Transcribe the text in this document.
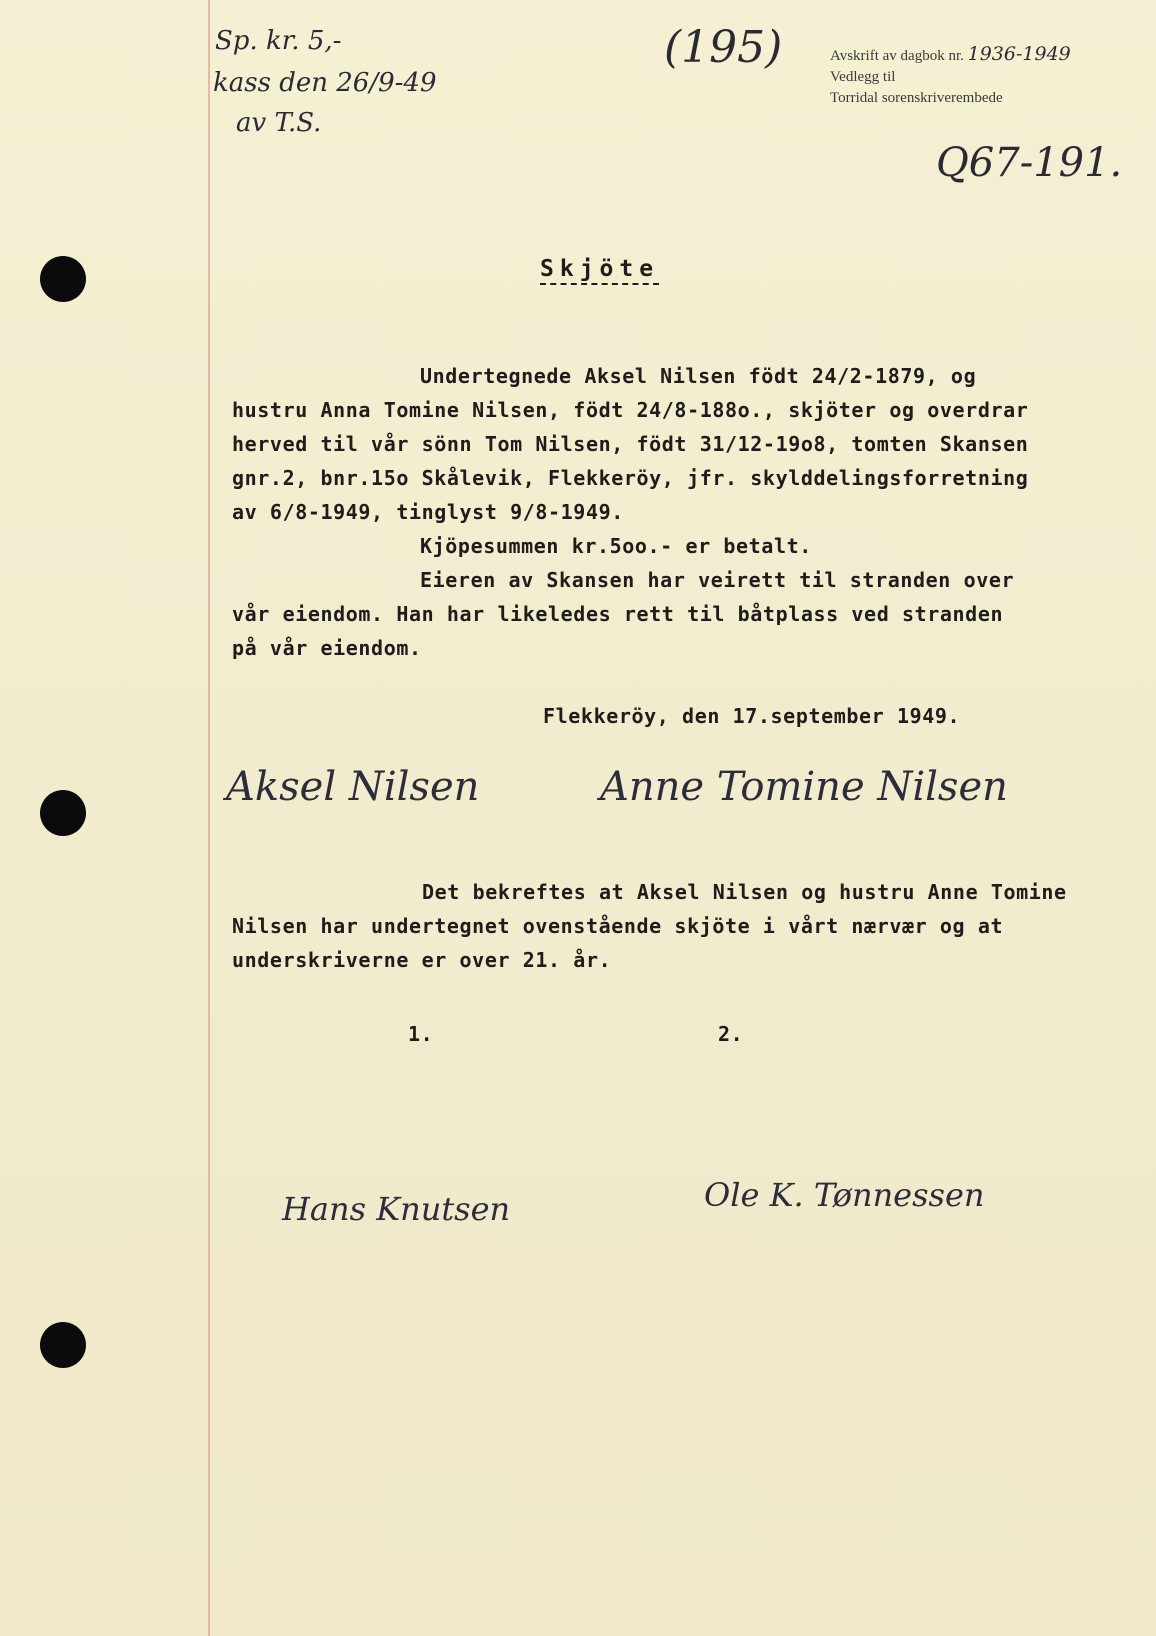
Sp. kr. 5,-
kass den 26/9-49
av T.S.
(195)	Avskrift av dagbok nr. 1936-1949
Vedlegg til
Torridal sorenskriverembede
Q67-191.
Skjöte
Undertegnede Aksel Nilsen födt 24/2-1879, og
hustru Anna Tomine Nilsen, födt 24/8-188o., skjöter og overdrar
herved til vår sönn Tom Nilsen, födt 31/12-19o8, tomten Skansen
gnr.2, bnr.15o Skålevik, Flekkeröy, jfr. skylddelingsforretning
av 6/8-1949, tinglyst 9/8-1949.
Kjöpesummen kr.5oo.- er betalt.
Eieren av Skansen har veirett til stranden over
vår eiendom. Han har likeledes rett til båtplass ved stranden
på vår eiendom.
Flekkeröy, den 17.september 1949.
Aksel Nilsen	Anne Tomine Nilsen
Det bekreftes at Aksel Nilsen og hustru Anne Tomine
Nilsen har undertegnet ovenstående skjöte i vårt nærvær og at
underskriverne er over 21. år.
1.	2.
Hans Knutsen	Ole K. Tønnessen
